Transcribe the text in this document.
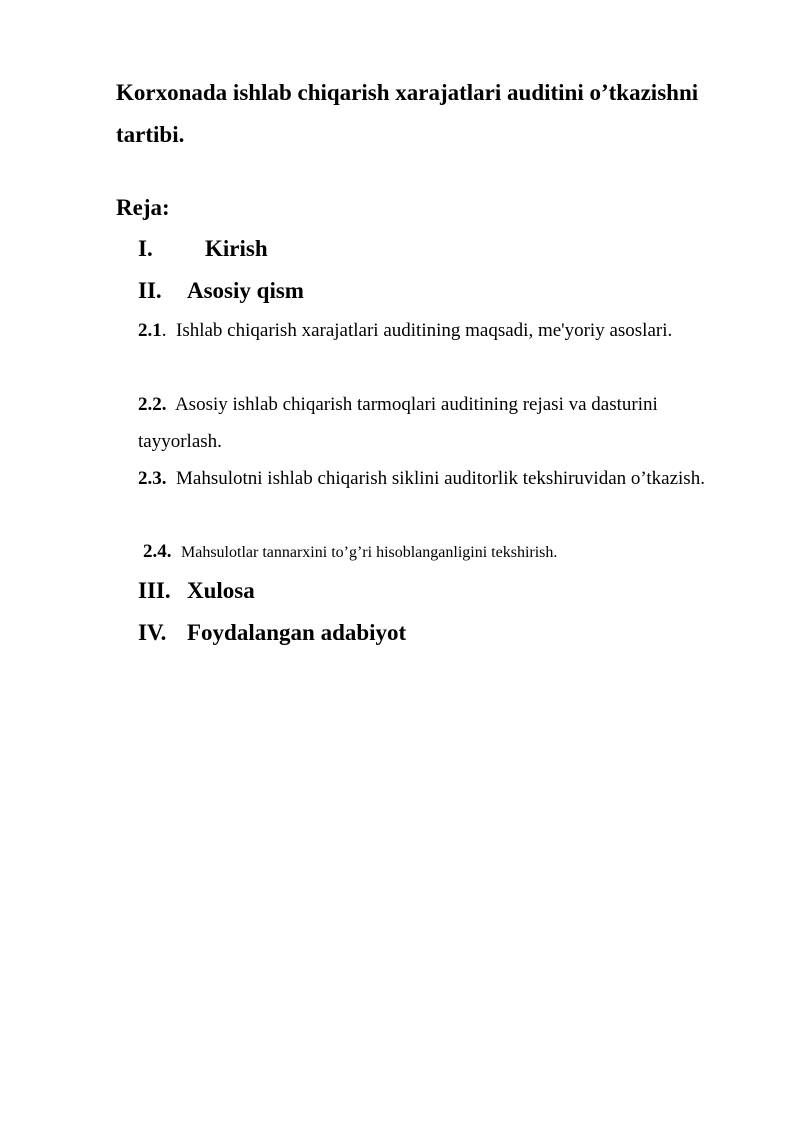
Korxonada ishlab chiqarish xarajatlari auditini o’tkazishni tartibi.
Reja:
I. Kirish
II. Asosiy qism
2.1.  Ishlab chiqarish xarajatlari auditining maqsadi, me'yoriy asoslari.
2.2. Asosiy ishlab chiqarish tarmoqlari auditining rejasi va dasturini tayyorlash.
2.3. Mahsulotni ishlab chiqarish siklini auditorlik tekshiruvidan o’tkazish.
2.4. Mahsulotlar tannarxini to’g’ri hisoblanganligini tekshirish.
III. Xulosa
IV. Foydalangan adabiyot
